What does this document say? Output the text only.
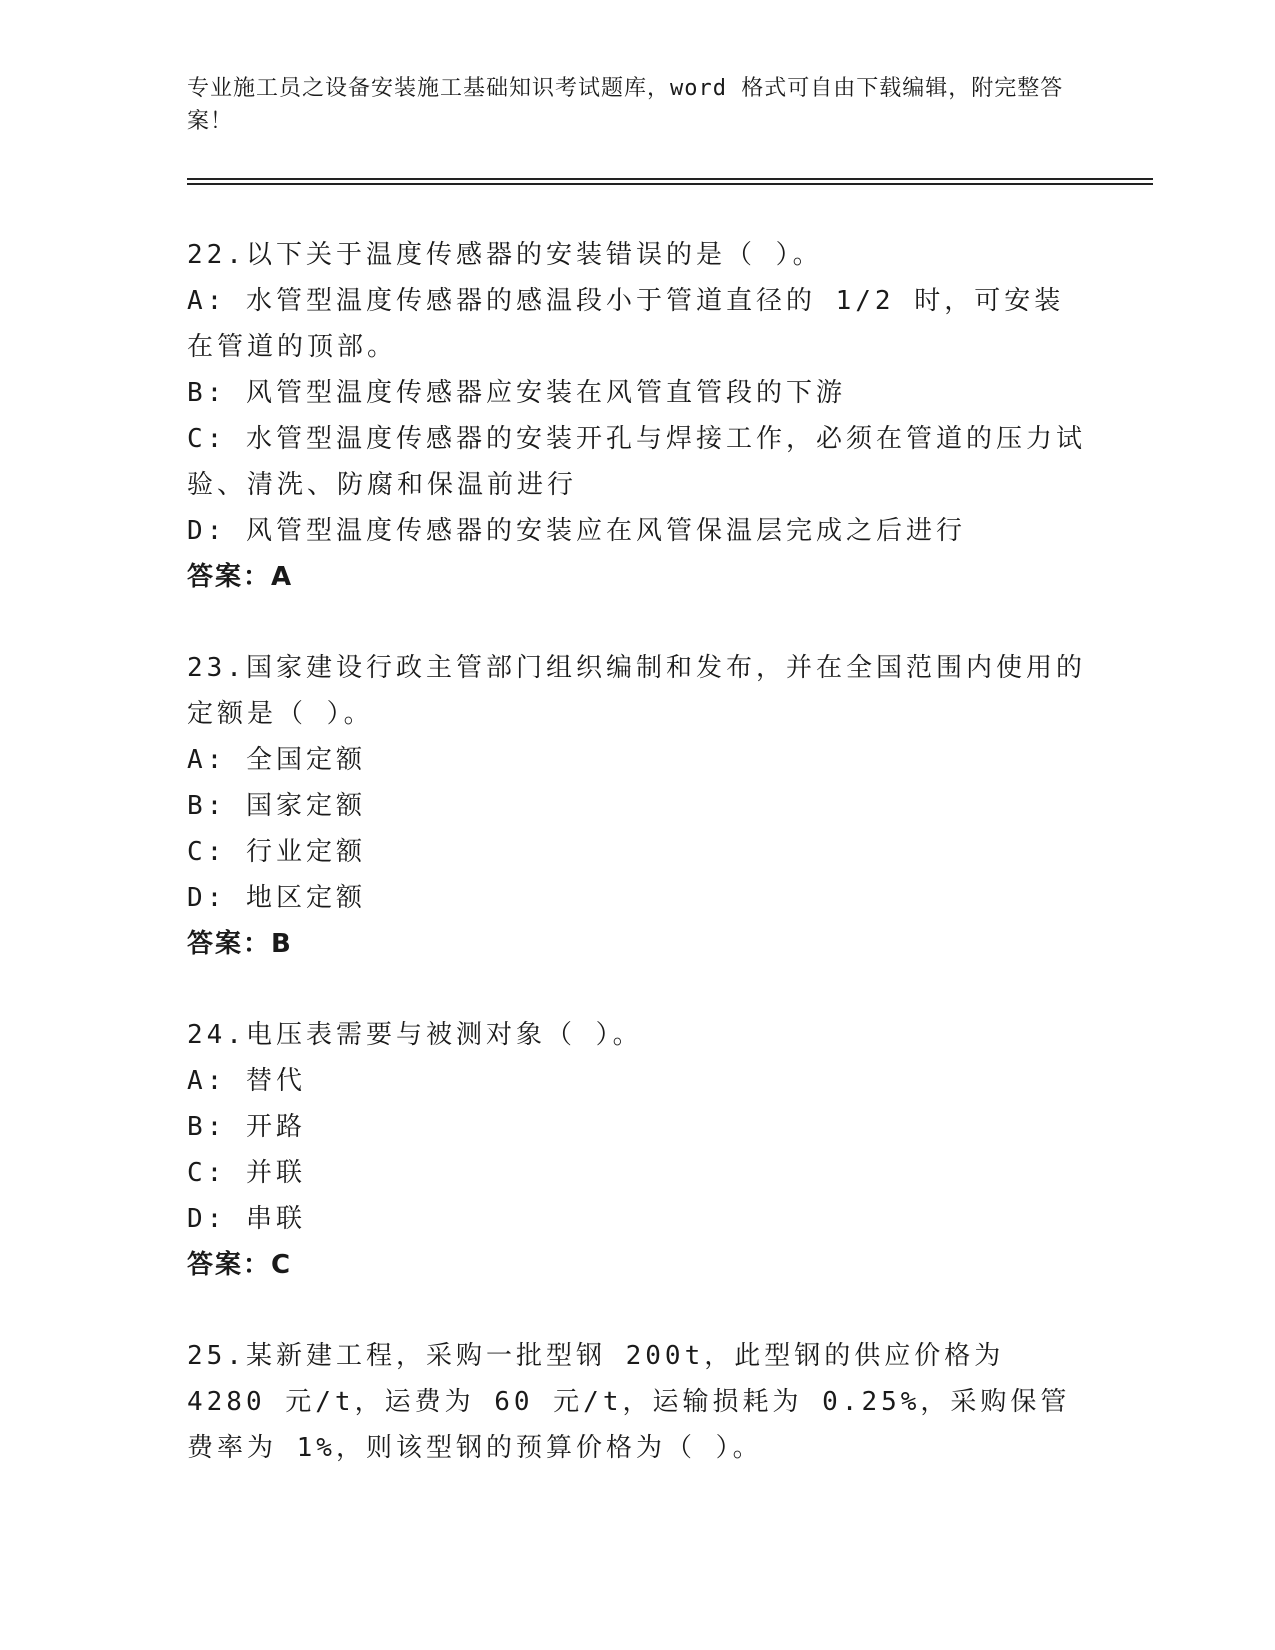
专业施工员之设备安装施工基础知识考试题库，word 格式可自由下载编辑，附完整答案！
22.以下关于温度传感器的安装错误的是（ ）。
A: 水管型温度传感器的感温段小于管道直径的 1/2 时，可安装在管道的顶部。
B: 风管型温度传感器应安装在风管直管段的下游
C: 水管型温度传感器的安装开孔与焊接工作，必须在管道的压力试验、清洗、防腐和保温前进行
D: 风管型温度传感器的安装应在风管保温层完成之后进行
答案：A
23.国家建设行政主管部门组织编制和发布，并在全国范围内使用的定额是（ ）。
A: 全国定额
B: 国家定额
C: 行业定额
D: 地区定额
答案：B
24.电压表需要与被测对象（ ）。
A: 替代
B: 开路
C: 并联
D: 串联
答案：C
25.某新建工程，采购一批型钢 200t，此型钢的供应价格为 4280 元/t，运费为 60 元/t，运输损耗为 0.25%，采购保管费率为 1%，则该型钢的预算价格为（ ）。
